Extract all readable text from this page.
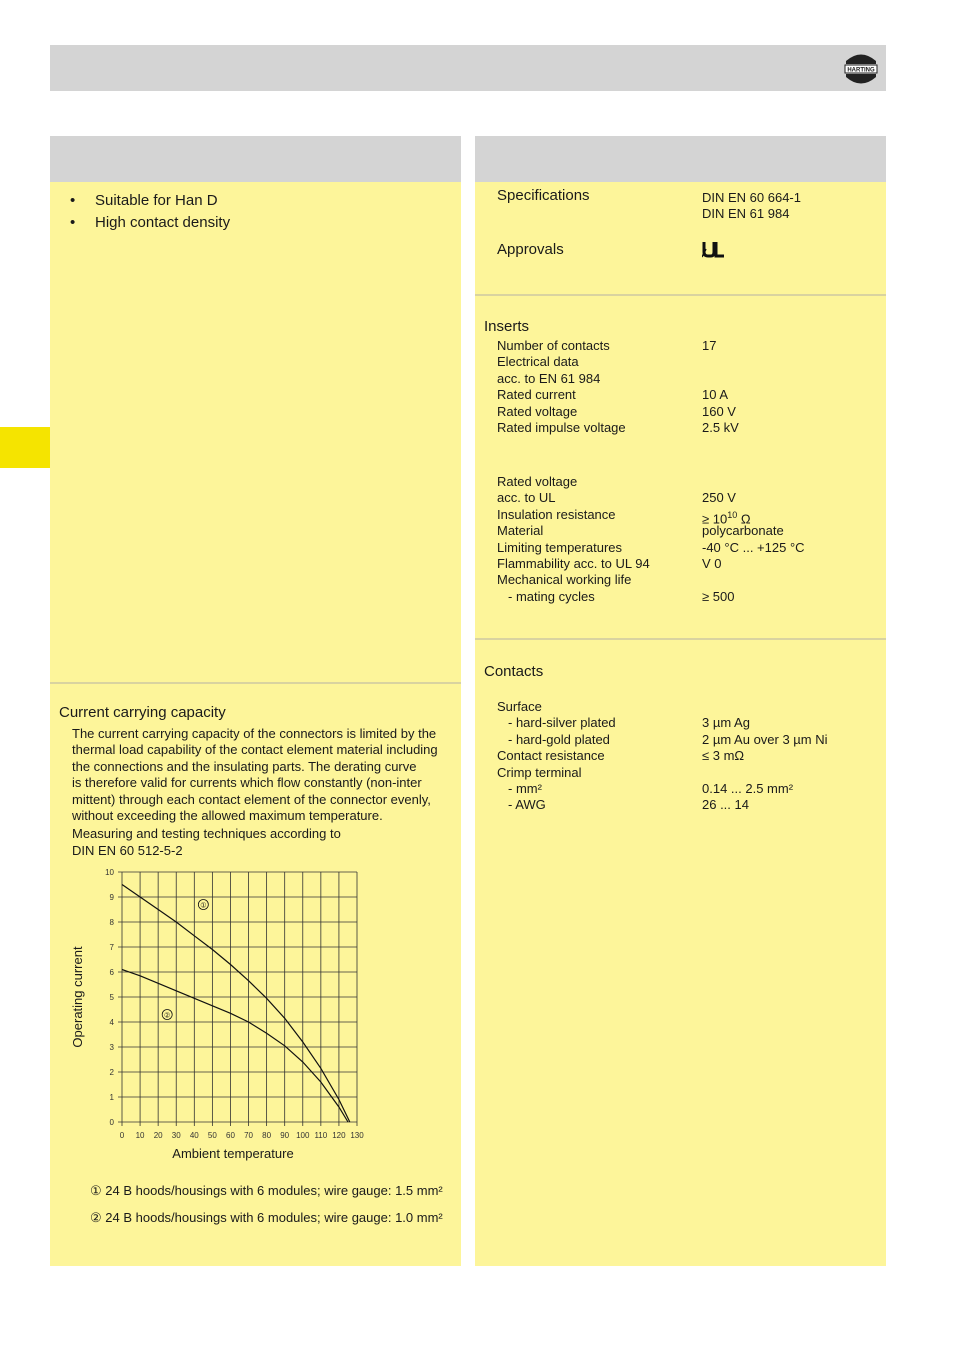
HARTING
• Suitable for Han D
• High contact density
Current carrying capacity
The current carrying capacity of the connectors is limited by the
thermal load capability of the contact element material including
the connections and the insulating parts. The derating curve
is therefore valid for currents which flow constantly (non-inter
mittent) through each contact element of the connector evenly,
without exceeding the allowed maximum temperature.
Measuring and testing techniques according to
DIN EN 60 512-5-2
0 10 20 30 40 50 60 70 80 90 100 110 120 130
0
1
2
3
4
5
6
7
8
9
10
①
②
Operating current
Ambient temperature
① 24 B hoods/housings with 6 modules; wire gauge: 1.5 mm²
② 24 B hoods/housings with 6 modules; wire gauge: 1.0 mm²
Specifications	DIN EN 60 664-1
DIN EN 61 984
Approvals
Inserts
Number of contacts	17
Electrical data
acc. to EN 61 984
Rated current	10 A
Rated voltage	160 V
Rated impulse voltage	2.5 kV
Rated voltage
acc. to UL	250 V
Insulation resistance	≥ $10^{10}$ Ω
Material	polycarbonate
Limiting temperatures	-40 °C ... +125 °C
Flammability acc. to UL 94	V 0
Mechanical working life
- mating cycles	≥ 500
Contacts
Surface
- hard-silver plated	3 µm Ag
- hard-gold plated	2 µm Au over 3 µm Ni
Contact resistance	≤ 3 mΩ
Crimp terminal
- mm²	0.14 ... 2.5 mm²
- AWG	26 ... 14
